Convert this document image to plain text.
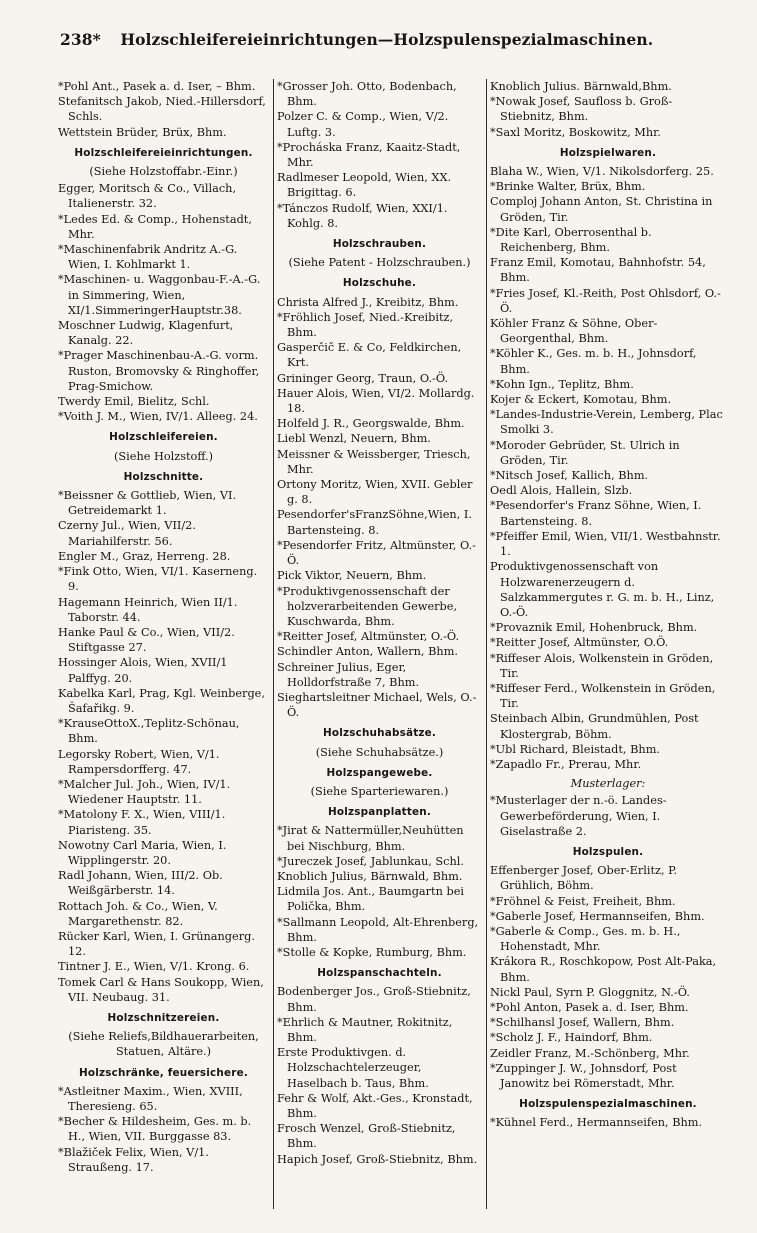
238* Holzschleifereieinrichtungen—Holzspulenspezialmaschinen.

*Pohl Ant., Pasek a. d. Iser, – Bhm.

Stefanitsch Jakob, Nied.-Hillersdorf, Schls.

Wettstein Brüder, Brüx, Bhm.

Holzschleifereieinrichtungen.

(Siehe Holzstoffabr.-Einr.)

Egger, Moritsch & Co., Villach, Italienerstr. 32.

*Ledes Ed. & Comp., Hohenstadt, Mhr.

*Maschinenfabrik Andritz A.-G. Wien, I. Kohlmarkt 1.

*Maschinen- u. Waggonbau-F.-A.-G. in Simmering, Wien, XI/1.SimmeringerHauptstr.38.

Moschner Ludwig, Klagenfurt, Kanalg. 22.

*Prager Maschinenbau-A.-G. vorm. Ruston, Bromovsky & Ringhoffer, Prag-Smichow.

Twerdy Emil, Bielitz, Schl.

*Voith J. M., Wien, IV/1. Alleeg. 24.

Holzschleifereien.

(Siehe Holzstoff.)

Holzschnitte.

*Beissner & Gottlieb, Wien, VI. Getreidemarkt 1.

Czerny Jul., Wien, VII/2. Mariahilferstr. 56.

Engler M., Graz, Herreng. 28.

*Fink Otto, Wien, VI/1. Kaserneng. 9.

Hagemann Heinrich, Wien II/1. Taborstr. 44.

Hanke Paul & Co., Wien, VII/2. Stiftgasse 27.

Hossinger Alois, Wien, XVII/1 Palffyg. 20.

Kabelka Karl, Prag, Kgl. Weinberge, Šafařikg. 9.

*KrauseOttoX.,Teplitz-Schönau, Bhm.

Legorsky Robert, Wien, V/1. Rampersdorfferg. 47.

*Malcher Jul. Joh., Wien, IV/1. Wiedener Hauptstr. 11.

*Matolony F. X., Wien, VIII/1. Piaristeng. 35.

Nowotny Carl Maria, Wien, I. Wipplingerstr. 20.

Radl Johann, Wien, III/2. Ob. Weißgärberstr. 14.

Rottach Joh. & Co., Wien, V. Margarethenstr. 82.

Rücker Karl, Wien, I. Grünangerg. 12.

Tintner J. E., Wien, V/1. Krong. 6.

Tomek Carl & Hans Soukopp, Wien, VII. Neubaug. 31.

Holzschnitzereien.

(Siehe Reliefs,Bildhauerarbeiten, Statuen, Altäre.)

Holzschränke, feuersichere.

*Astleitner Maxim., Wien, XVIII, Theresieng. 65.

*Becher & Hildesheim, Ges. m. b. H., Wien, VII. Burggasse 83.

*Blažiček Felix, Wien, V/1. Straußeng. 17.

*Grosser Joh. Otto, Bodenbach, Bhm.

Polzer C. & Comp., Wien, V/2. Luftg. 3.

*Procháska Franz, Kaaitz-Stadt, Mhr.

Radlmeser Leopold, Wien, XX. Brigittag. 6.

*Tánczos Rudolf, Wien, XXI/1. Kohlg. 8.

Holzschrauben.

(Siehe Patent - Holzschrauben.)

Holzschuhe.

Christa Alfred J., Kreibitz, Bhm.

*Fröhlich Josef, Nied.-Kreibitz, Bhm.

Gasperčič E. & Co, Feldkirchen, Krt.

Grininger Georg, Traun, O.-Ö.

Hauer Alois, Wien, VI/2. Mollardg. 18.

Holfeld J. R., Georgswalde, Bhm.

Liebl Wenzl, Neuern, Bhm.

Meissner & Weissberger, Triesch, Mhr.

Ortony Moritz, Wien, XVII. Gebler g. 8.

Pesendorfer'sFranzSöhne,Wien, I. Bartensteing. 8.

*Pesendorfer Fritz, Altmünster, O.-Ö.

Pick Viktor, Neuern, Bhm.

*Produktivgenossenschaft der holzverarbeitenden Gewerbe, Kuschwarda, Bhm.

*Reitter Josef, Altmünster, O.-Ö.

Schindler Anton, Wallern, Bhm.

Schreiner Julius, Eger, Holldorfstraße 7, Bhm.

Sieghartsleitner Michael, Wels, O.-Ö.

Holzschuhabsätze.

(Siehe Schuhabsätze.)

Holzspangewebe.

(Siehe Sparteriewaren.)

Holzspanplatten.

*Jirat & Nattermüller,Neuhütten bei Nischburg, Bhm.

*Jureczek Josef, Jablunkau, Schl.

Knoblich Julius, Bärnwald, Bhm.

Lidmila Jos. Ant., Baumgartn bei Polička, Bhm.

*Sallmann Leopold, Alt-Ehrenberg, Bhm.

*Stolle & Kopke, Rumburg, Bhm.

Holzspanschachteln.

Bodenberger Jos., Groß-Stiebnitz, Bhm.

*Ehrlich & Mautner, Rokitnitz, Bhm.

Erste Produktivgen. d. Holzschachtelerzeuger, Haselbach b. Taus, Bhm.

Fehr & Wolf, Akt.-Ges., Kronstadt, Bhm.

Frosch Wenzel, Groß-Stiebnitz, Bhm.

Hapich Josef, Groß-Stiebnitz, Bhm.

Knoblich Julius. Bärnwald,Bhm.

*Nowak Josef, Saufloss b. Groß-Stiebnitz, Bhm.

*Saxl Moritz, Boskowitz, Mhr.

Holzspielwaren.

Blaha W., Wien, V/1. Nikolsdorferg. 25.

*Brinke Walter, Brüx, Bhm.

Comploj Johann Anton, St. Christina in Gröden, Tir.

*Dite Karl, Oberrosenthal b. Reichenberg, Bhm.

Franz Emil, Komotau, Bahnhofstr. 54, Bhm.

*Fries Josef, Kl.-Reith, Post Ohlsdorf, O.-Ö.

Köhler Franz & Söhne, Ober-Georgenthal, Bhm.

*Köhler K., Ges. m. b. H., Johnsdorf, Bhm.

*Kohn Ign., Teplitz, Bhm.

Kojer & Eckert, Komotau, Bhm.

*Landes-Industrie-Verein, Lemberg, Plac Smolki 3.

*Moroder Gebrüder, St. Ulrich in Gröden, Tir.

*Nitsch Josef, Kallich, Bhm.

Oedl Alois, Hallein, Slzb.

*Pesendorfer's Franz Söhne, Wien, I. Bartensteing. 8.

*Pfeiffer Emil, Wien, VII/1. Westbahnstr. 1.

Produktivgenossenschaft von Holzwarenerzeugern d. Salzkammergutes r. G. m. b. H., Linz, O.-Ö.

*Provaznik Emil, Hohenbruck, Bhm.

*Reitter Josef, Altmünster, O.Ö.

*Riffeser Alois, Wolkenstein in Gröden, Tir.

*Riffeser Ferd., Wolkenstein in Gröden, Tir.

Steinbach Albin, Grundmühlen, Post Klostergrab, Böhm.

*Ubl Richard, Bleistadt, Bhm.

*Zapadlo Fr., Prerau, Mhr.

Musterlager:

*Musterlager der n.-ö. Landes-Gewerbeförderung, Wien, I. Giselastraße 2.

Holzspulen.

Effenberger Josef, Ober-Erlitz, P. Grühlich, Böhm.

*Fröhnel & Feist, Freiheit, Bhm.

*Gaberle Josef, Hermannseifen, Bhm.

*Gaberle & Comp., Ges. m. b. H., Hohenstadt, Mhr.

Krákora R., Roschkopow, Post Alt-Paka, Bhm.

Nickl Paul, Syrn P. Gloggnitz, N.-Ö.

*Pohl Anton, Pasek a. d. Iser, Bhm.

*Schilhansl Josef, Wallern, Bhm.

*Scholz J. F., Haindorf, Bhm.

Zeidler Franz, M.-Schönberg, Mhr.

*Zuppinger J. W., Johnsdorf, Post Janowitz bei Römerstadt, Mhr.

Holzspulenspezialmaschinen.

*Kühnel Ferd., Hermannseifen, Bhm.
